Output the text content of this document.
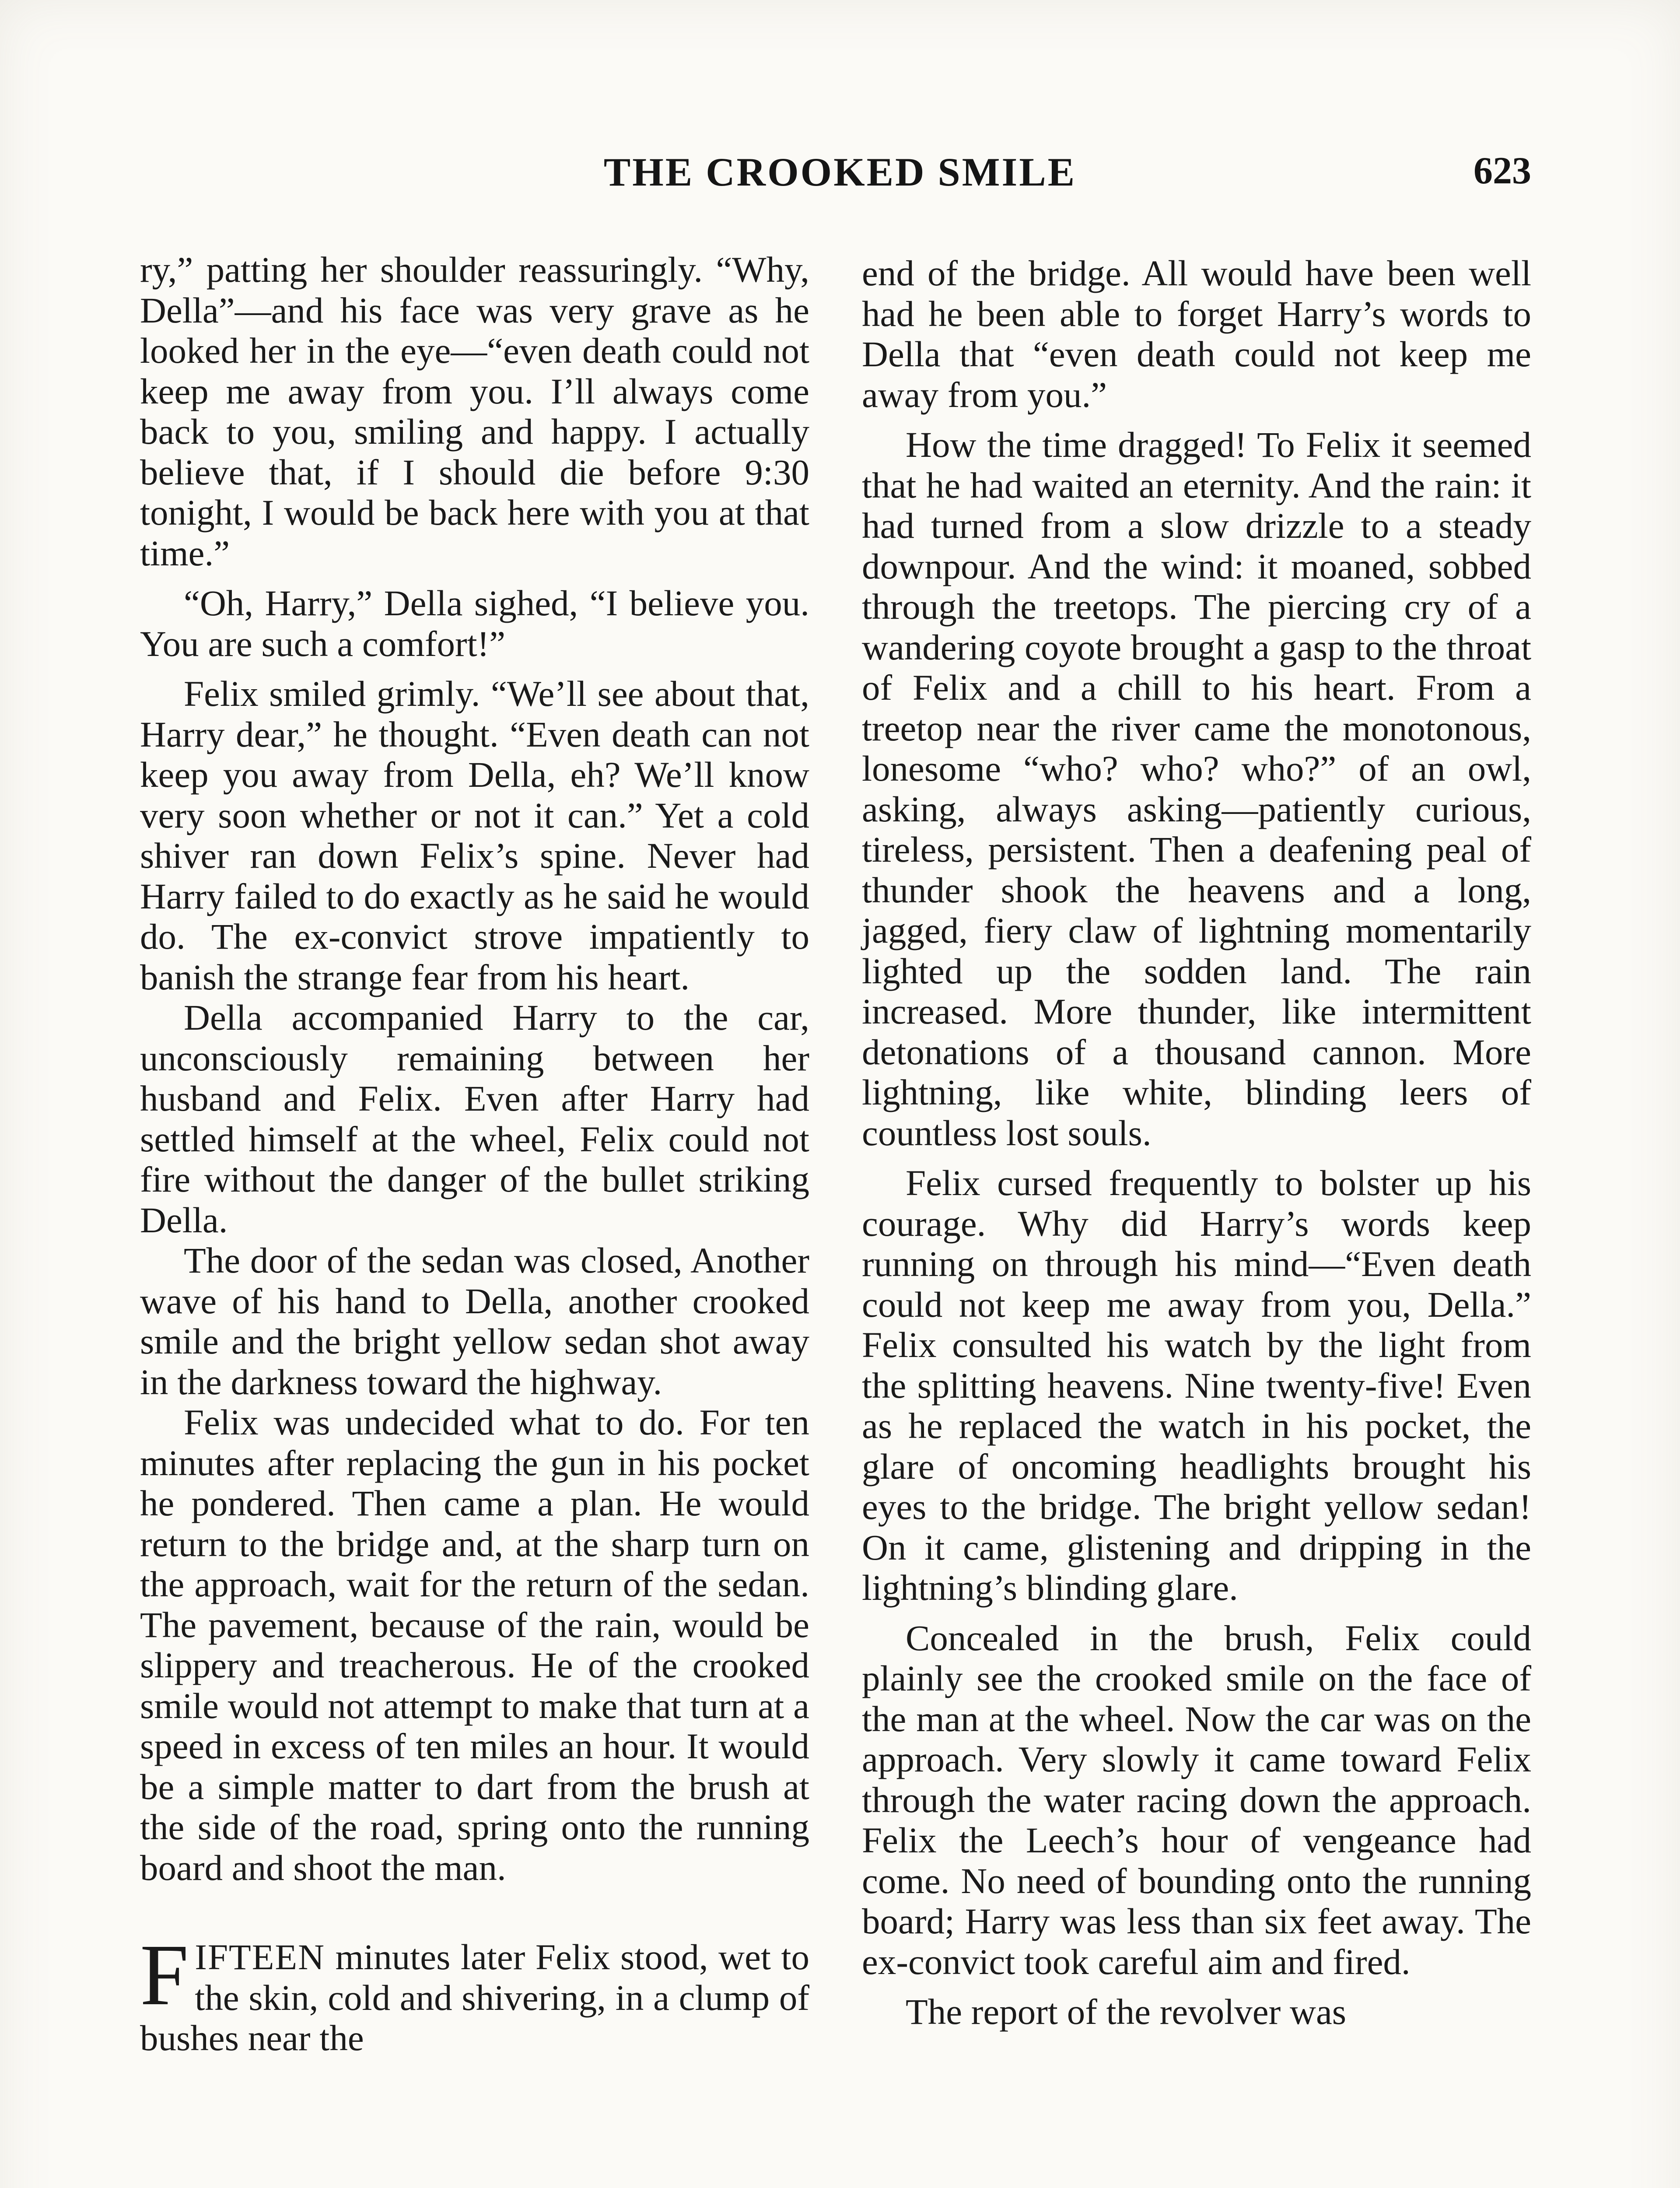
THE CROOKED SMILE	623

ry,” patting her shoulder reassuringly. “Why, Della”—and his face was very grave as he looked her in the eye—“even death could not keep me away from you. I’ll always come back to you, smiling and happy. I actually believe that, if I should die before 9:30 tonight, I would be back here with you at that time.”

“Oh, Harry,” Della sighed, “I believe you. You are such a comfort!”

Felix smiled grimly. “We’ll see about that, Harry dear,” he thought. “Even death can not keep you away from Della, eh? We’ll know very soon whether or not it can.” Yet a cold shiver ran down Felix’s spine. Never had Harry failed to do exactly as he said he would do. The ex-convict strove impatiently to banish the strange fear from his heart.

Della accompanied Harry to the car, unconsciously remaining between her husband and Felix. Even after Harry had settled himself at the wheel, Felix could not fire without the danger of the bullet striking Della.

The door of the sedan was closed, Another wave of his hand to Della, another crooked smile and the bright yellow sedan shot away in the darkness toward the highway.

Felix was undecided what to do. For ten minutes after replacing the gun in his pocket he pondered. Then came a plan. He would return to the bridge and, at the sharp turn on the approach, wait for the return of the sedan. The pavement, because of the rain, would be slippery and treacherous. He of the crooked smile would not attempt to make that turn at a speed in excess of ten miles an hour. It would be a simple matter to dart from the brush at the side of the road, spring onto the running board and shoot the man.

FIFTEEN minutes later Felix stood, wet to the skin, cold and shivering, in a clump of bushes near the

end of the bridge. All would have been well had he been able to forget Harry’s words to Della that “even death could not keep me away from you.”

How the time dragged! To Felix it seemed that he had waited an eternity. And the rain: it had turned from a slow drizzle to a steady downpour. And the wind: it moaned, sobbed through the treetops. The piercing cry of a wandering coyote brought a gasp to the throat of Felix and a chill to his heart. From a treetop near the river came the monotonous, lonesome “who? who? who?” of an owl, asking, always asking—patiently curious, tireless, persistent. Then a deafening peal of thunder shook the heavens and a long, jagged, fiery claw of lightning momentarily lighted up the sodden land. The rain increased. More thunder, like intermittent detonations of a thousand cannon. More lightning, like white, blinding leers of countless lost souls.

Felix cursed frequently to bolster up his courage. Why did Harry’s words keep running on through his mind—“Even death could not keep me away from you, Della.” Felix consulted his watch by the light from the splitting heavens. Nine twenty-five! Even as he replaced the watch in his pocket, the glare of oncoming headlights brought his eyes to the bridge. The bright yellow sedan! On it came, glistening and dripping in the lightning’s blinding glare.

Concealed in the brush, Felix could plainly see the crooked smile on the face of the man at the wheel. Now the car was on the approach. Very slowly it came toward Felix through the water racing down the approach. Felix the Leech’s hour of vengeance had come. No need of bounding onto the running board; Harry was less than six feet away. The ex-convict took careful aim and fired.

The report of the revolver was
